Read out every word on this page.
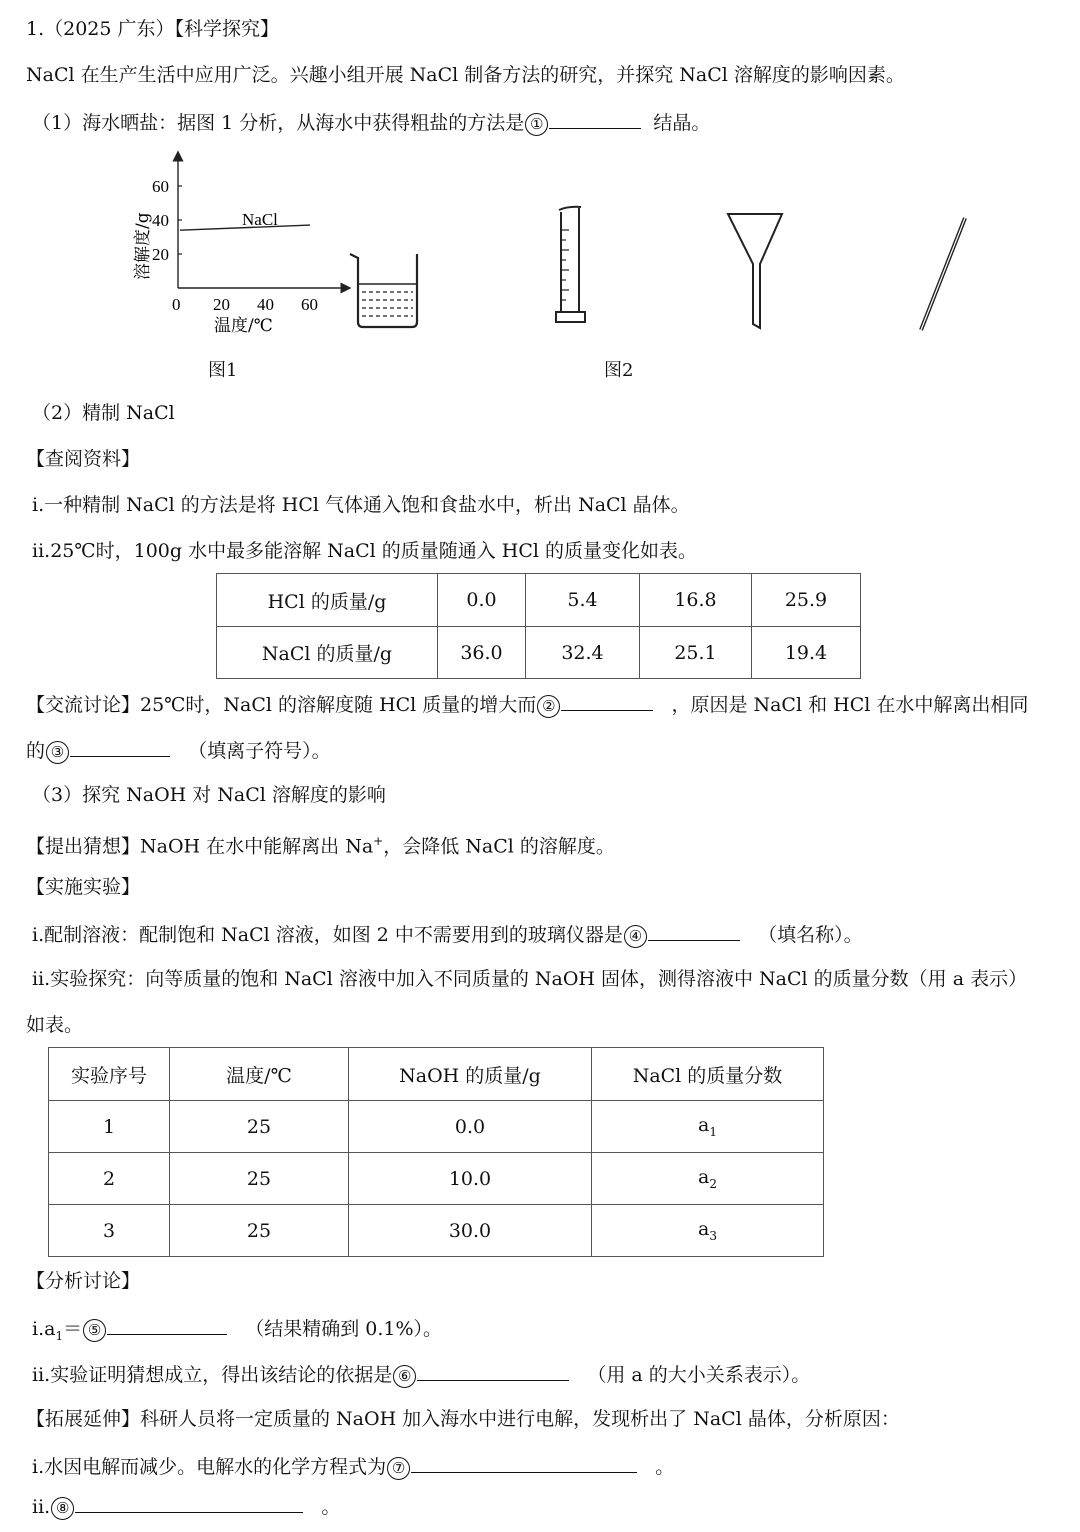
1.（2025 广东）【科学探究】
NaCl 在生产生活中应用广泛。兴趣小组开展 NaCl 制备方法的研究，并探究 NaCl 溶解度的影响因素。
（1）海水晒盐：据图 1 分析，从海水中获得粗盐的方法是 ①	结晶。
60
40
20
0 20 40 60
NaCl
溶解度/g
温度/℃
图1	图2
（2）精制 NaCl
【查阅资料】
ⅰ.一种精制 NaCl 的方法是将 HCl 气体通入饱和食盐水中，析出 NaCl 晶体。
ⅱ.25℃时，100g 水中最多能溶解 NaCl 的质量随通入 HCl 的质量变化如表。
HCl 的质量/g	0.0	5.4	16.8	25.9
NaCl 的质量/g	36.0	32.4	25.1	19.4
【交流讨论】25℃时，NaCl 的溶解度随 HCl 质量的增大而 ②	，原因是 NaCl 和 HCl 在水中解离出相同
的 ③	（填离子符号）。
（3）探究 NaOH 对 NaCl 溶解度的影响
【提出猜想】NaOH 在水中能解离出 Na+，会降低 NaCl 的溶解度。
【实施实验】
ⅰ.配制溶液：配制饱和 NaCl 溶液，如图 2 中不需要用到的玻璃仪器是 ④	（填名称）。
ⅱ.实验探究：向等质量的饱和 NaCl 溶液中加入不同质量的 NaOH 固体，测得溶液中 NaCl 的质量分数（用 a 表示）
如表。
实验序号	温度/℃	NaOH 的质量/g	NaCl 的质量分数
1	25	0.0	$a_1$
2	25	10.0	$a_2$
3	25	30.0	$a_3$
【分析讨论】
$ⅰ.a_1=$ ⑤	（结果精确到 0.1%）。
ⅱ.实验证明猜想成立，得出该结论的依据是 ⑥	（用 a 的大小关系表示）。
【拓展延伸】科研人员将一定质量的 NaOH 加入海水中进行电解，发现析出了 NaCl 晶体，分析原因：
ⅰ.水因电解而减少。电解水的化学方程式为 ⑦	。
ⅱ. ⑧	。
